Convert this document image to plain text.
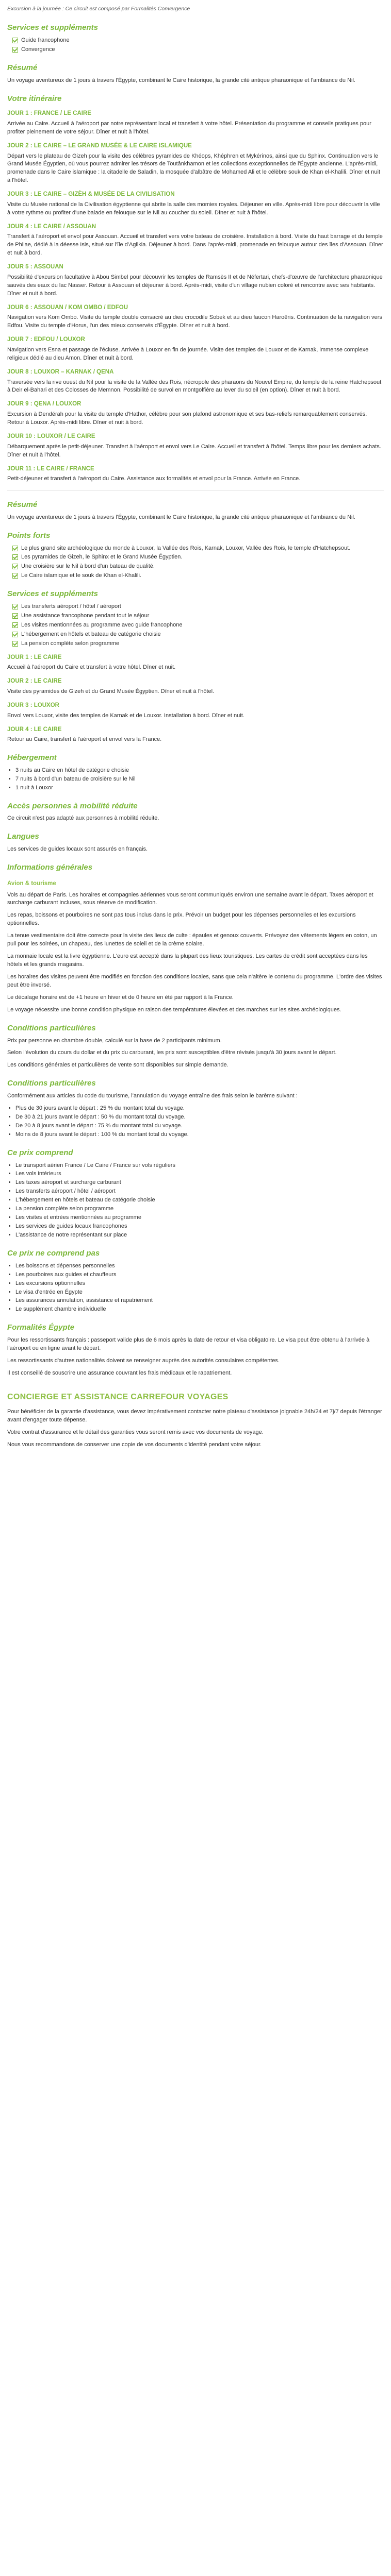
Excursion à la journée : Ce circuit est composé par Formalités Convergence

Services et suppléments
Guide francophone
Convergence
Résumé

Un voyage aventureux de 1 jours à travers l'Égypte, combinant le Caire historique, la grande cité antique pharaonique et l'ambiance du Nil.

Votre itinéraire
JOUR 1 : FRANCE / LE CAIRE

Arrivée au Caire. Accueil à l'aéroport par notre représentant local et transfert à votre hôtel. Présentation du programme et conseils pratiques pour profiter pleinement de votre séjour. Dîner et nuit à l'hôtel.

JOUR 2 : LE CAIRE – LE GRAND MUSÉE & LE CAIRE ISLAMIQUE

Départ vers le plateau de Gizeh pour la visite des célèbres pyramides de Khéops, Khéphren et Mykérinos, ainsi que du Sphinx. Continuation vers le Grand Musée Égyptien, où vous pourrez admirer les trésors de Toutânkhamon et les collections exceptionnelles de l'Égypte ancienne. L'après-midi, promenade dans le Caire islamique : la citadelle de Saladin, la mosquée d'albâtre de Mohamed Ali et le célèbre souk de Khan el-Khalili. Dîner et nuit à l'hôtel.

JOUR 3 : LE CAIRE – GIZÈH & MUSÉE DE LA CIVILISATION

Visite du Musée national de la Civilisation égyptienne qui abrite la salle des momies royales. Déjeuner en ville. Après-midi libre pour découvrir la ville à votre rythme ou profiter d'une balade en felouque sur le Nil au coucher du soleil. Dîner et nuit à l'hôtel.

JOUR 4 : LE CAIRE / ASSOUAN

Transfert à l'aéroport et envol pour Assouan. Accueil et transfert vers votre bateau de croisière. Installation à bord. Visite du haut barrage et du temple de Philae, dédié à la déesse Isis, situé sur l'île d'Agilkia. Déjeuner à bord. Dans l'après-midi, promenade en felouque autour des îles d'Assouan. Dîner et nuit à bord.

JOUR 5 : ASSOUAN

Possibilité d'excursion facultative à Abou Simbel pour découvrir les temples de Ramsès II et de Néfertari, chefs-d'œuvre de l'architecture pharaonique sauvés des eaux du lac Nasser. Retour à Assouan et déjeuner à bord. Après-midi, visite d'un village nubien coloré et rencontre avec ses habitants. Dîner et nuit à bord.

JOUR 6 : ASSOUAN / KOM OMBO / EDFOU

Navigation vers Kom Ombo. Visite du temple double consacré au dieu crocodile Sobek et au dieu faucon Haroëris. Continuation de la navigation vers Edfou. Visite du temple d'Horus, l'un des mieux conservés d'Égypte. Dîner et nuit à bord.

JOUR 7 : EDFOU / LOUXOR

Navigation vers Esna et passage de l'écluse. Arrivée à Louxor en fin de journée. Visite des temples de Louxor et de Karnak, immense complexe religieux dédié au dieu Amon. Dîner et nuit à bord.

JOUR 8 : LOUXOR – KARNAK / QENA

Traversée vers la rive ouest du Nil pour la visite de la Vallée des Rois, nécropole des pharaons du Nouvel Empire, du temple de la reine Hatchepsout à Deir el-Bahari et des Colosses de Memnon. Possibilité de survol en montgolfière au lever du soleil (en option). Dîner et nuit à bord.

JOUR 9 : QENA / LOUXOR

Excursion à Dendérah pour la visite du temple d'Hathor, célèbre pour son plafond astronomique et ses bas-reliefs remarquablement conservés. Retour à Louxor. Après-midi libre. Dîner et nuit à bord.

JOUR 10 : LOUXOR / LE CAIRE

Débarquement après le petit-déjeuner. Transfert à l'aéroport et envol vers Le Caire. Accueil et transfert à l'hôtel. Temps libre pour les derniers achats. Dîner et nuit à l'hôtel.

JOUR 11 : LE CAIRE / FRANCE

Petit-déjeuner et transfert à l'aéroport du Caire. Assistance aux formalités et envol pour la France. Arrivée en France.

Résumé

Un voyage aventureux de 1 jours à travers l'Égypte, combinant le Caire historique, la grande cité antique pharaonique et l'ambiance du Nil.

Points forts
Le plus grand site archéologique du monde à Louxor, la Vallée des Rois, Karnak, Louxor, Vallée des Rois, le temple d'Hatchepsout.
Les pyramides de Gizeh, le Sphinx et le Grand Musée Égyptien.
Une croisière sur le Nil à bord d'un bateau de qualité.
Le Caire islamique et le souk de Khan el-Khalili.
Services et suppléments
Les transferts aéroport / hôtel / aéroport
Une assistance francophone pendant tout le séjour
Les visites mentionnées au programme avec guide francophone
L'hébergement en hôtels et bateau de catégorie choisie
La pension complète selon programme
JOUR 1 : LE CAIRE

Accueil à l'aéroport du Caire et transfert à votre hôtel. Dîner et nuit.

JOUR 2 : LE CAIRE

Visite des pyramides de Gizeh et du Grand Musée Égyptien. Dîner et nuit à l'hôtel.

JOUR 3 : LOUXOR

Envol vers Louxor, visite des temples de Karnak et de Louxor. Installation à bord. Dîner et nuit.

JOUR 4 : LE CAIRE

Retour au Caire, transfert à l'aéroport et envol vers la France.

Hébergement
• 3 nuits au Caire en hôtel de catégorie choisie
• 7 nuits à bord d'un bateau de croisière sur le Nil
• 1 nuit à Louxor
Accès personnes à mobilité réduite

Ce circuit n'est pas adapté aux personnes à mobilité réduite.

Langues

Les services de guides locaux sont assurés en français.

Informations générales
Avion & tourisme

Vols au départ de Paris. Les horaires et compagnies aériennes vous seront communiqués environ une semaine avant le départ. Taxes aéroport et surcharge carburant incluses, sous réserve de modification.

Les repas, boissons et pourboires ne sont pas tous inclus dans le prix. Prévoir un budget pour les dépenses personnelles et les excursions optionnelles.

La tenue vestimentaire doit être correcte pour la visite des lieux de culte : épaules et genoux couverts. Prévoyez des vêtements légers en coton, un pull pour les soirées, un chapeau, des lunettes de soleil et de la crème solaire.

La monnaie locale est la livre égyptienne. L'euro est accepté dans la plupart des lieux touristiques. Les cartes de crédit sont acceptées dans les hôtels et les grands magasins.

Les horaires des visites peuvent être modifiés en fonction des conditions locales, sans que cela n'altère le contenu du programme. L'ordre des visites peut être inversé.

Le décalage horaire est de +1 heure en hiver et de 0 heure en été par rapport à la France.

Le voyage nécessite une bonne condition physique en raison des températures élevées et des marches sur les sites archéologiques.

Conditions particulières

Prix par personne en chambre double, calculé sur la base de 2 participants minimum.

Selon l'évolution du cours du dollar et du prix du carburant, les prix sont susceptibles d'être révisés jusqu'à 30 jours avant le départ.

Les conditions générales et particulières de vente sont disponibles sur simple demande.

Conditions particulières

Conformément aux articles du code du tourisme, l'annulation du voyage entraîne des frais selon le barème suivant :

• Plus de 30 jours avant le départ : 25 % du montant total du voyage.
• De 30 à 21 jours avant le départ : 50 % du montant total du voyage.
• De 20 à 8 jours avant le départ : 75 % du montant total du voyage.
• Moins de 8 jours avant le départ : 100 % du montant total du voyage.
Ce prix comprend
• Le transport aérien France / Le Caire / France sur vols réguliers
• Les vols intérieurs
• Les taxes aéroport et surcharge carburant
• Les transferts aéroport / hôtel / aéroport
• L'hébergement en hôtels et bateau de catégorie choisie
• La pension complète selon programme
• Les visites et entrées mentionnées au programme
• Les services de guides locaux francophones
• L'assistance de notre représentant sur place
Ce prix ne comprend pas
• Les boissons et dépenses personnelles
• Les pourboires aux guides et chauffeurs
• Les excursions optionnelles
• Le visa d'entrée en Égypte
• Les assurances annulation, assistance et rapatriement
• Le supplément chambre individuelle
Formalités Égypte

Pour les ressortissants français : passeport valide plus de 6 mois après la date de retour et visa obligatoire. Le visa peut être obtenu à l'arrivée à l'aéroport ou en ligne avant le départ.

Les ressortissants d'autres nationalités doivent se renseigner auprès des autorités consulaires compétentes.

Il est conseillé de souscrire une assurance couvrant les frais médicaux et le rapatriement.

CONCIERGE ET ASSISTANCE CARREFOUR VOYAGES

Pour bénéficier de la garantie d'assistance, vous devez impérativement contacter notre plateau d'assistance joignable 24h/24 et 7j/7 depuis l'étranger avant d'engager toute dépense.

Votre contrat d'assurance et le détail des garanties vous seront remis avec vos documents de voyage.

Nous vous recommandons de conserver une copie de vos documents d'identité pendant votre séjour.
